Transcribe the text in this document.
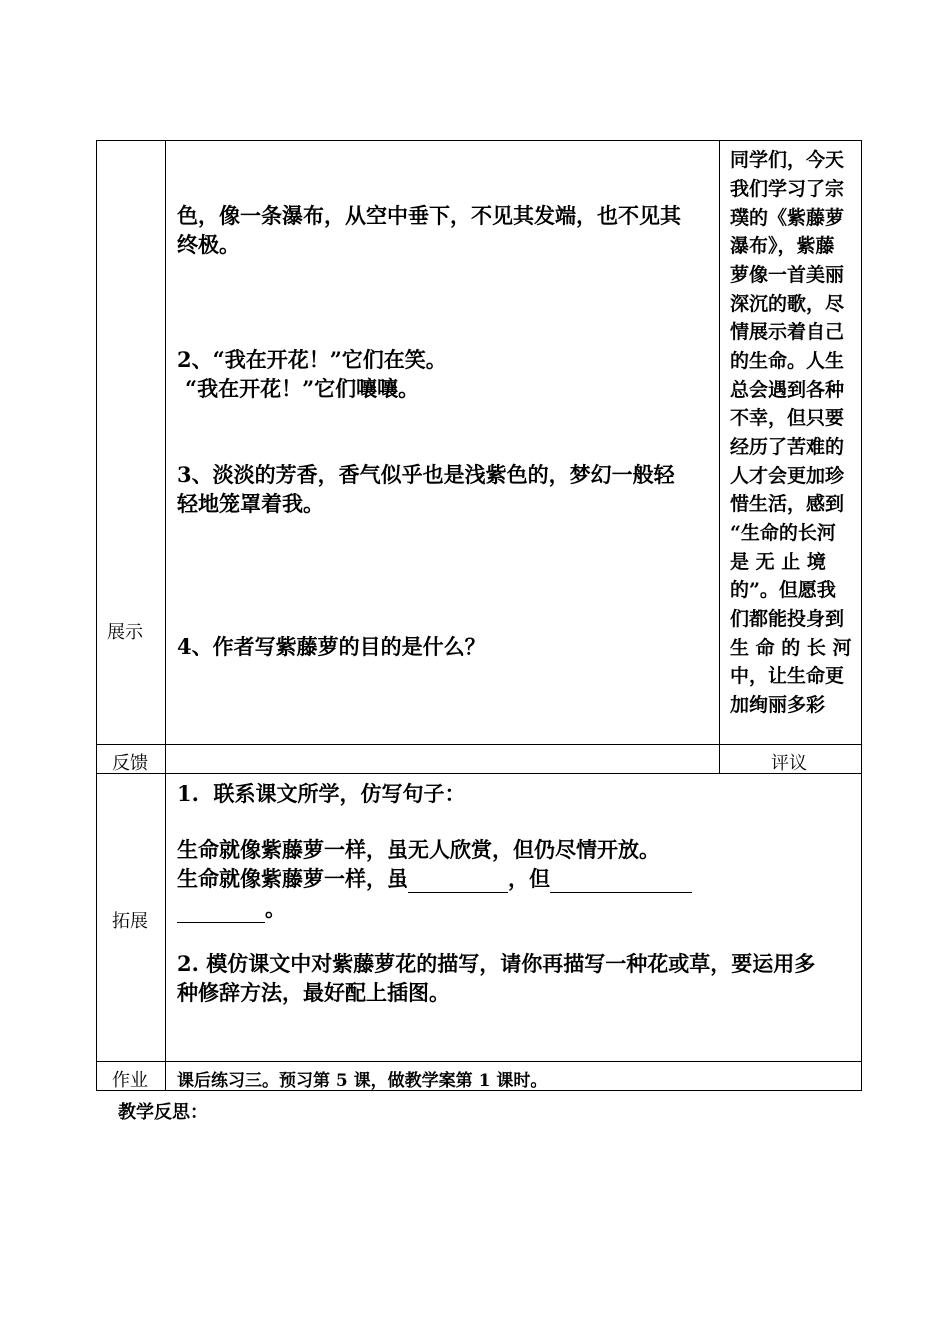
展示
色，像一条瀑布，从空中垂下，不见其发端，也不见其
终极。
2、“我在开花！”它们在笑。
“我在开花！”它们嚷嚷。
3、淡淡的芳香，香气似乎也是浅紫色的，梦幻一般轻
轻地笼罩着我。
4、作者写紫藤萝的目的是什么？
同学们，今天
我们学习了宗
璞的《紫藤萝
瀑布》，紫藤
萝像一首美丽
深沉的歌，尽
情展示着自己
的生命。人生
总会遇到各种
不幸，但只要
经历了苦难的
人才会更加珍
惜生活，感到
“生命的长河
是 无 止 境
的”。但愿我
们都能投身到
生 命 的 长 河
中，让生命更
加绚丽多彩
反馈	评议
拓展
1.  联系课文所学，仿写句子：
生命就像紫藤萝一样，虽无人欣赏，但仍尽情开放。
生命就像紫藤萝一样，虽	，但
。
2. 模仿课文中对紫藤萝花的描写，请你再描写一种花或草，要运用多
种修辞方法，最好配上插图。
作业 课后练习三。预习第 5 课，做教学案第 1 课时。
教学反思：
